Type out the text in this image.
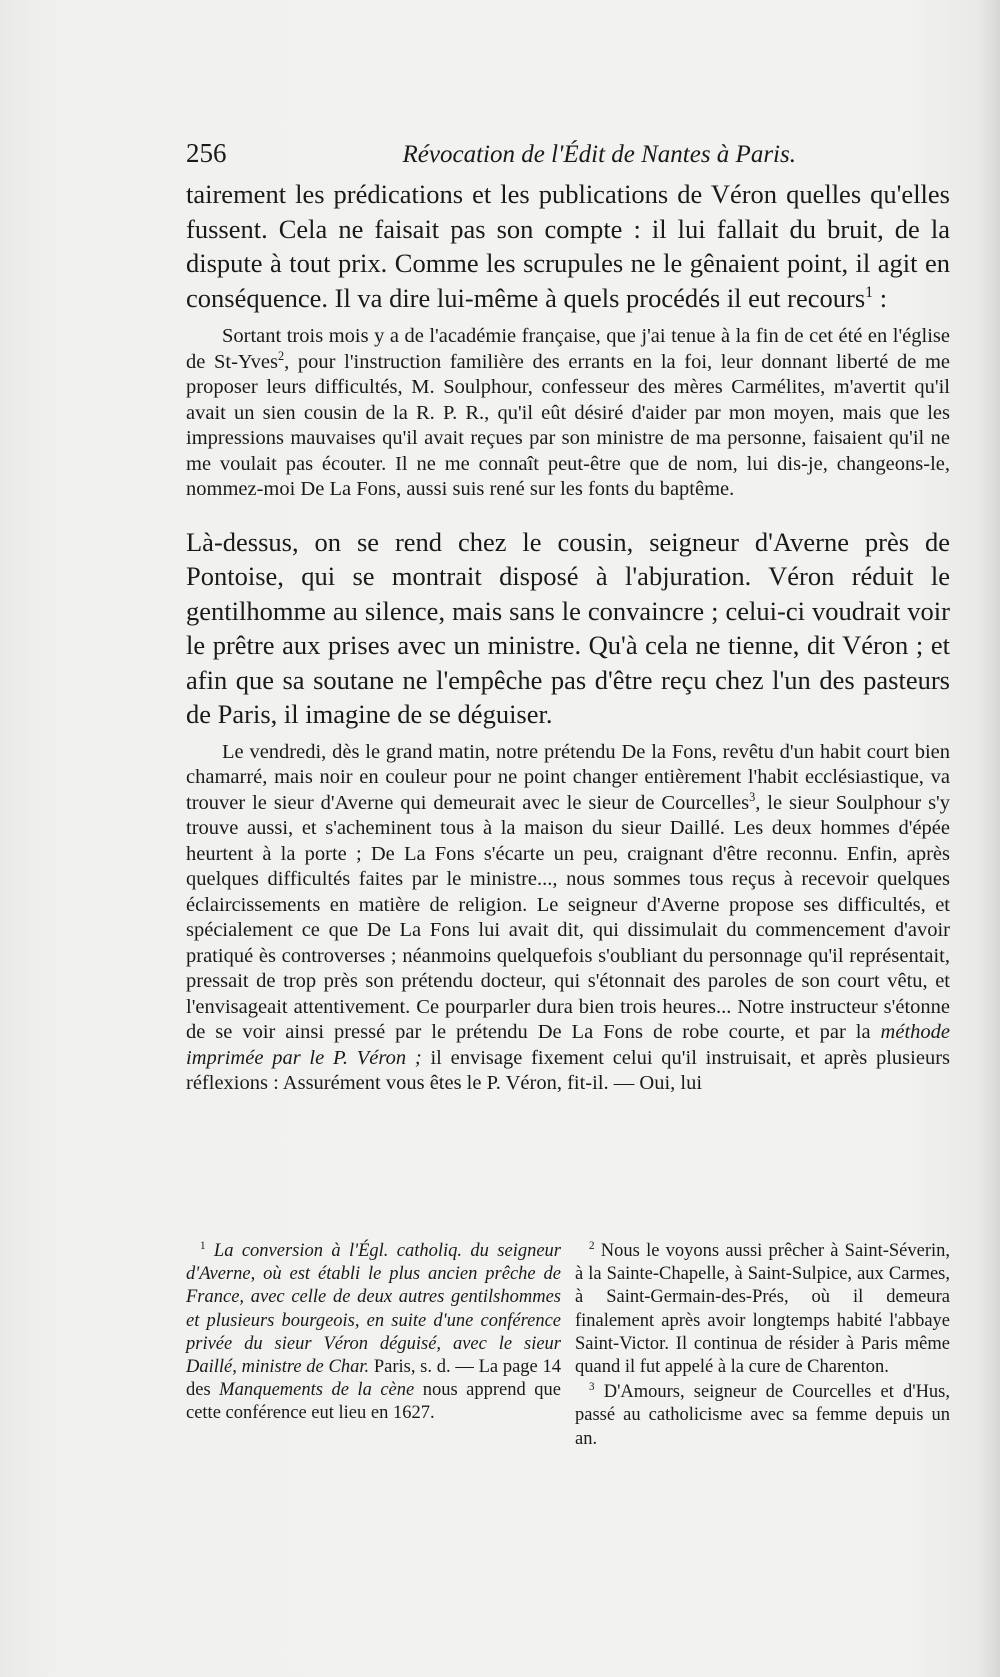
256	Révocation de l'Édit de Nantes à Paris.

tairement les prédications et les publications de Véron quelles qu'elles fussent. Cela ne faisait pas son compte : il lui fallait du bruit, de la dispute à tout prix. Comme les scrupules ne le gênaient point, il agit en conséquence. Il va dire lui-même à quels procédés il eut recours$^1$ :

Sortant trois mois y a de l'académie française, que j'ai tenue à la fin de cet été en l'église de St-Yves$^2$, pour l'instruction familière des errants en la foi, leur donnant liberté de me proposer leurs difficultés, M. Soulphour, confesseur des mères Carmélites, m'avertit qu'il avait un sien cousin de la R. P. R., qu'il eût désiré d'aider par mon moyen, mais que les impressions mauvaises qu'il avait reçues par son ministre de ma personne, faisaient qu'il ne me voulait pas écouter. Il ne me connaît peut-être que de nom, lui dis-je, changeons-le, nommez-moi De La Fons, aussi suis rené sur les fonts du baptême.

Là-dessus, on se rend chez le cousin, seigneur d'Averne près de Pontoise, qui se montrait disposé à l'abjuration. Véron réduit le gentilhomme au silence, mais sans le convaincre ; celui-ci voudrait voir le prêtre aux prises avec un ministre. Qu'à cela ne tienne, dit Véron ; et afin que sa soutane ne l'empêche pas d'être reçu chez l'un des pasteurs de Paris, il imagine de se déguiser.

Le vendredi, dès le grand matin, notre prétendu De la Fons, revêtu d'un habit court bien chamarré, mais noir en couleur pour ne point changer entièrement l'habit ecclésiastique, va trouver le sieur d'Averne qui demeurait avec le sieur de Courcelles$^3$, le sieur Soulphour s'y trouve aussi, et s'acheminent tous à la maison du sieur Daillé. Les deux hommes d'épée heurtent à la porte ; De La Fons s'écarte un peu, craignant d'être reconnu. Enfin, après quelques difficultés faites par le ministre..., nous sommes tous reçus à recevoir quelques éclaircissements en matière de religion. Le seigneur d'Averne propose ses difficultés, et spécialement ce que De La Fons lui avait dit, qui dissimulait du commencement d'avoir pratiqué ès controverses ; néanmoins quelquefois s'oubliant du personnage qu'il représentait, pressait de trop près son prétendu docteur, qui s'étonnait des paroles de son court vêtu, et l'envisageait attentivement. Ce pourparler dura bien trois heures... Notre instructeur s'étonne de se voir ainsi pressé par le prétendu De La Fons de robe courte, et par la méthode imprimée par le P. Véron ; il envisage fixement celui qu'il instruisait, et après plusieurs réflexions : Assurément vous êtes le P. Véron, fit-il. — Oui, lui

$^1$ La conversion à l'Égl. catholiq. du seigneur d'Averne, où est établi le plus ancien prêche de France, avec celle de deux autres gentilshommes et plusieurs bourgeois, en suite d'une conférence privée du sieur Véron déguisé, avec le sieur Daillé, ministre de Char. Paris, s. d. — La page 14 des Manquements de la cène nous apprend que cette conférence eut lieu en 1627.

$^2$ Nous le voyons aussi prêcher à Saint-Séverin, à la Sainte-Chapelle, à Saint-Sulpice, aux Carmes, à Saint-Germain-des-Prés, où il demeura finalement après avoir longtemps habité l'abbaye Saint-Victor. Il continua de résider à Paris même quand il fut appelé à la cure de Charenton.

$^3$ D'Amours, seigneur de Courcelles et d'Hus, passé au catholicisme avec sa femme depuis un an.
